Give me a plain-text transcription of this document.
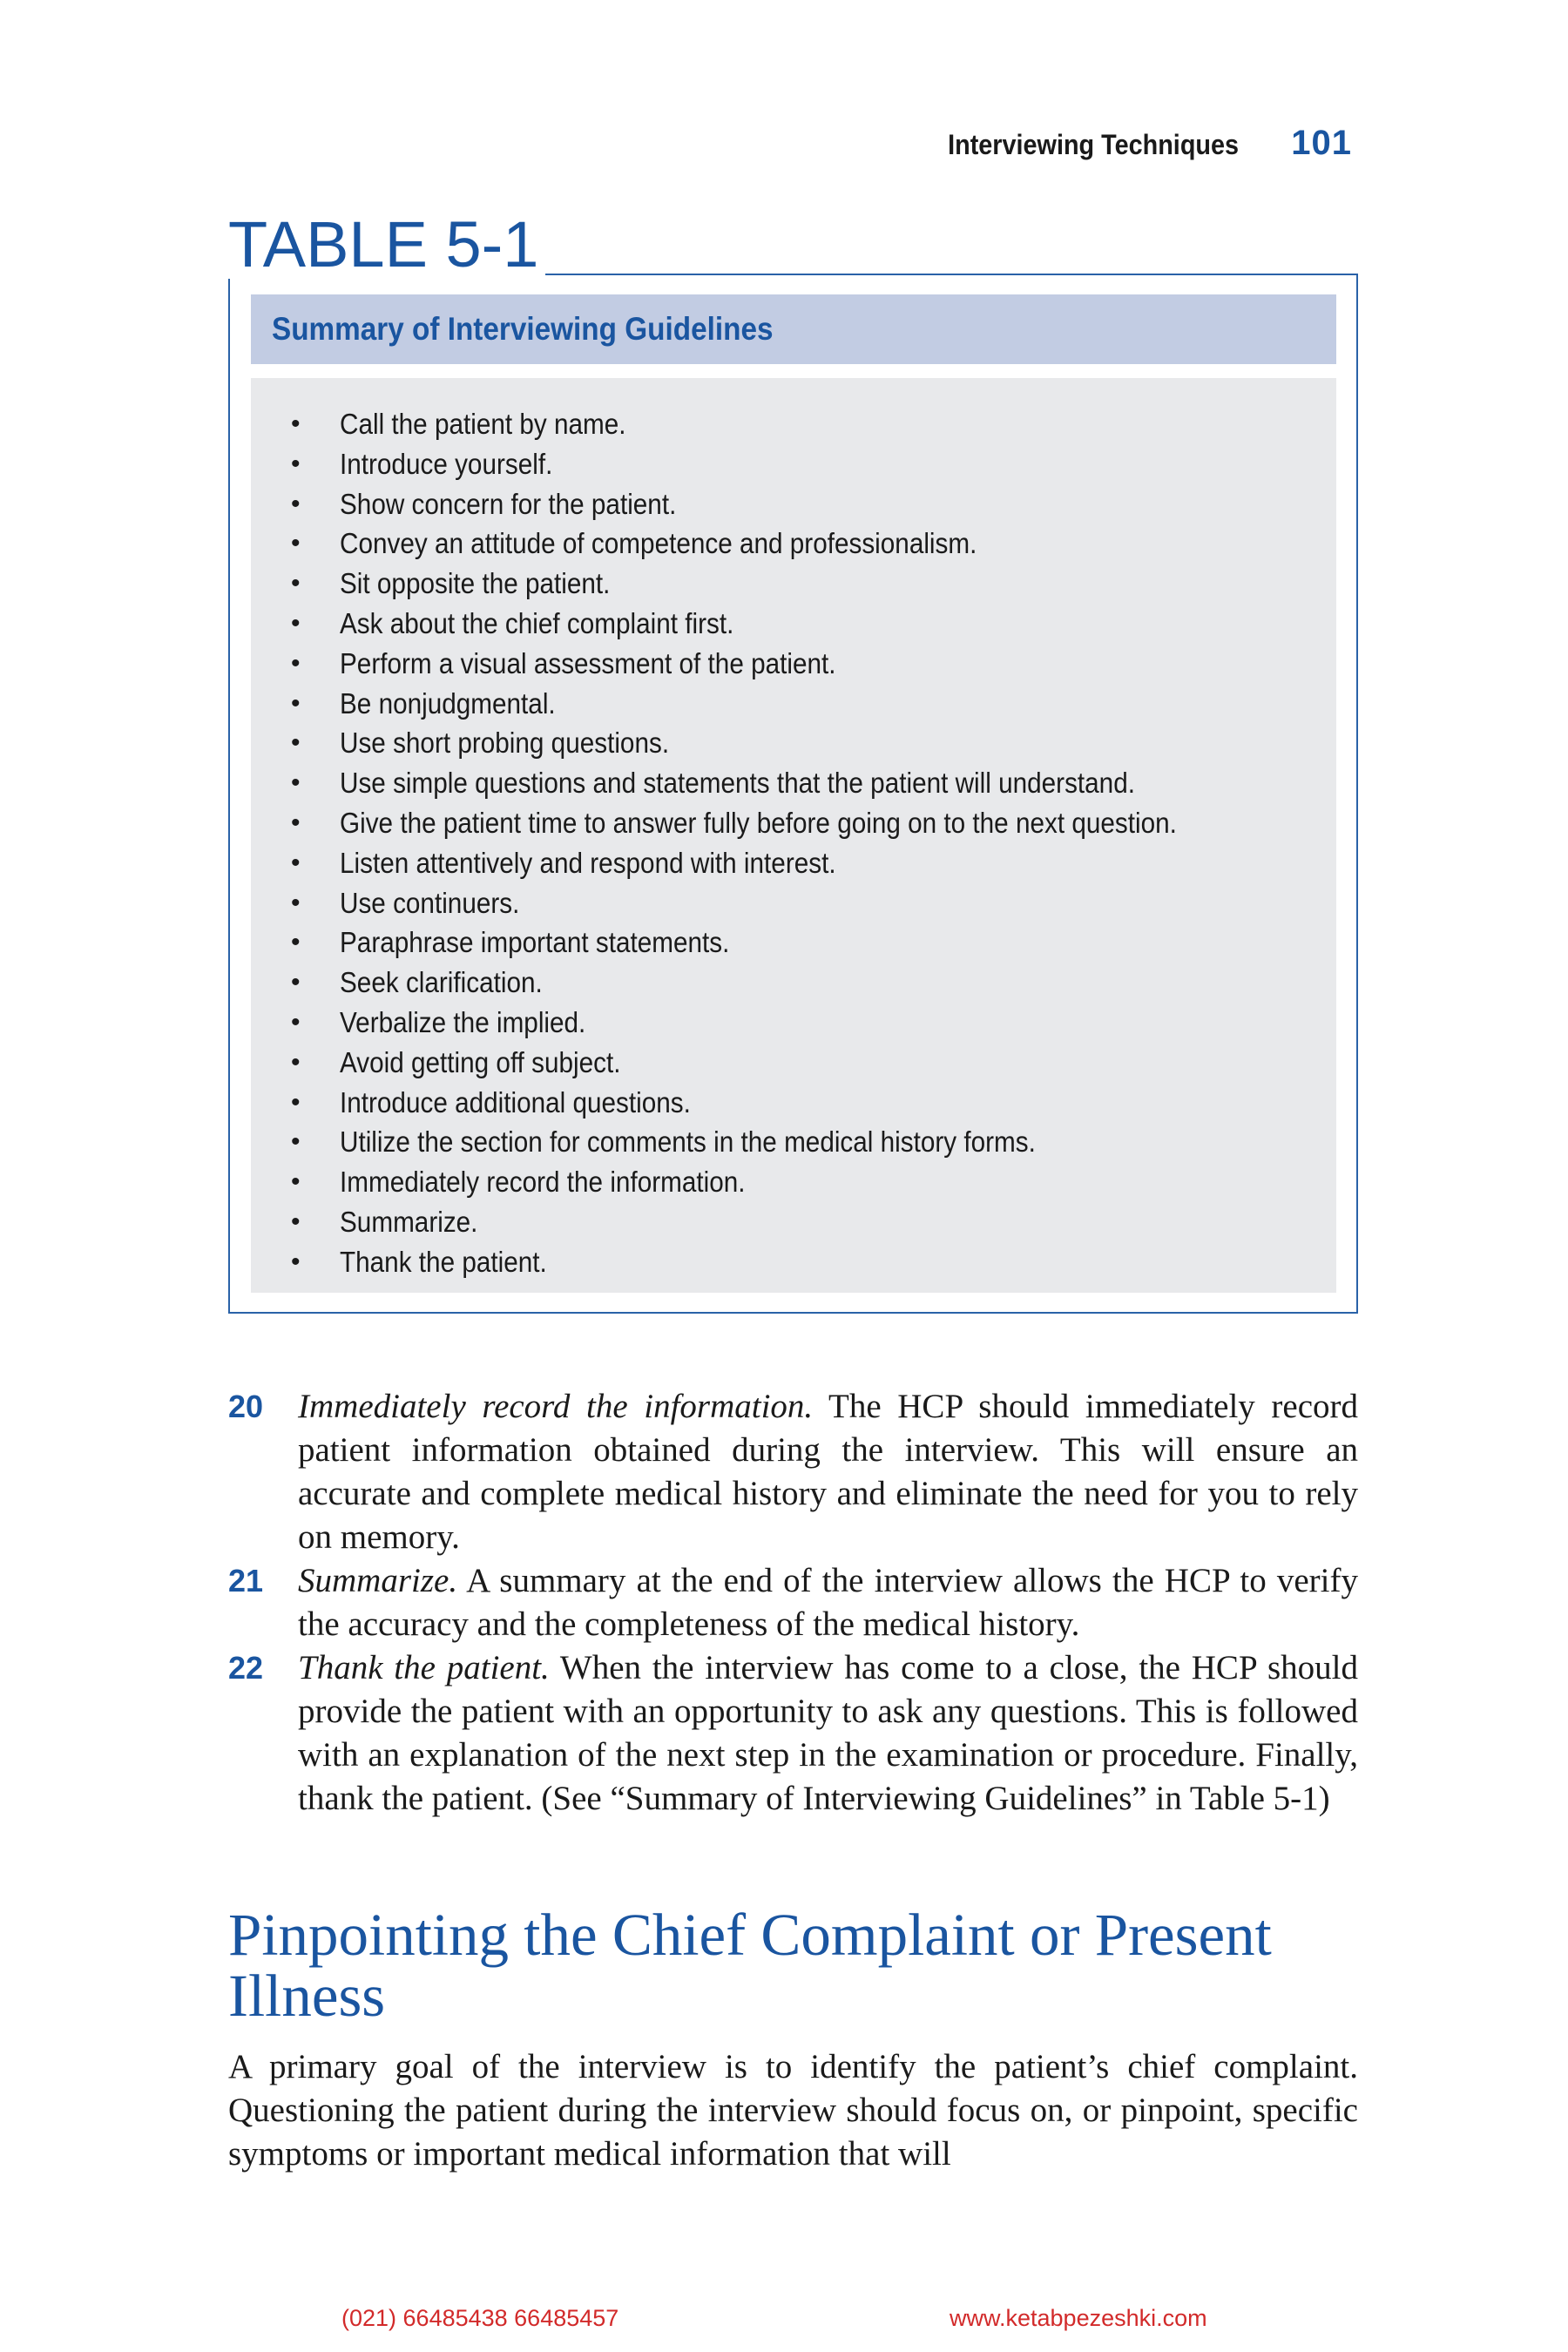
Interviewing Techniques 101
Summary of Interviewing Guidelines
• Call the patient by name.
• Introduce yourself.
• Show concern for the patient.
• Convey an attitude of competence and professionalism.
• Sit opposite the patient.
• Ask about the chief complaint first.
• Perform a visual assessment of the patient.
• Be nonjudgmental.
• Use short probing questions.
• Use simple questions and statements that the patient will understand.
• Give the patient time to answer fully before going on to the next question.
• Listen attentively and respond with interest.
• Use continuers.
• Paraphrase important statements.
• Seek clarification.
• Verbalize the implied.
• Avoid getting off subject.
• Introduce additional questions.
• Utilize the section for comments in the medical history forms.
• Immediately record the information.
• Summarize.
• Thank the patient.
TABLE 5-1
20 Immediately record the information. The HCP should immediately record patient information obtained during the interview. This will ensure an accurate and complete medical history and eliminate the need for you to rely on memory.
21 Summarize. A summary at the end of the interview allows the HCP to verify the accuracy and the completeness of the medical history.
22 Thank the patient. When the interview has come to a close, the HCP should provide the patient with an opportunity to ask any questions. This is followed with an explanation of the next step in the examination or procedure. Finally, thank the patient. (See “Summary of Interviewing Guidelines” in Table 5-1)
Pinpointing the Chief Complaint or Present Illness

A primary goal of the interview is to identify the patient’s chief complaint. Questioning the patient during the interview should focus on, or pinpoint, specific symptoms or important medical information that will

(021) 66485438 66485457	www.ketabpezeshki.com
